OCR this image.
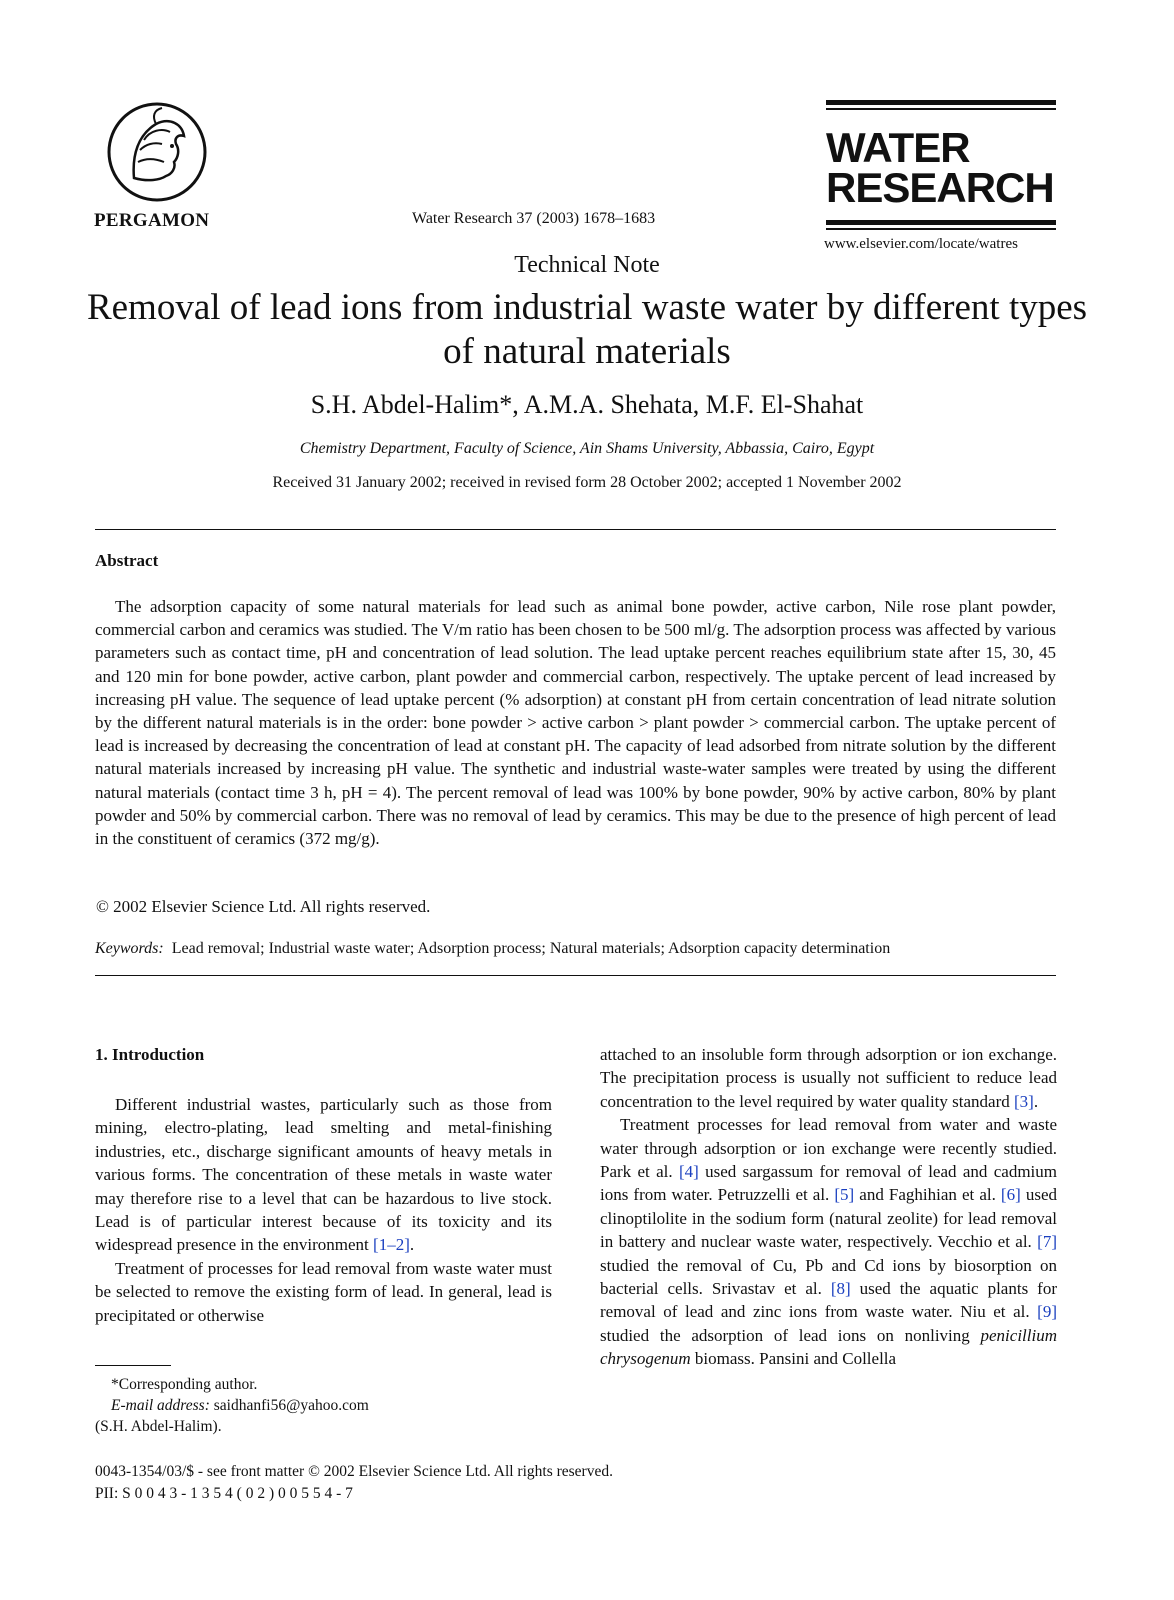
PERGAMON	Water Research 37 (2003) 1678–1683
WATER
RESEARCH
www.elsevier.com/locate/watres
Technical Note
Removal of lead ions from industrial waste water by different types of natural materials
S.H. Abdel-Halim*, A.M.A. Shehata, M.F. El-Shahat
Chemistry Department, Faculty of Science, Ain Shams University, Abbassia, Cairo, Egypt
Received 31 January 2002; received in revised form 28 October 2002; accepted 1 November 2002
Abstract

The adsorption capacity of some natural materials for lead such as animal bone powder, active carbon, Nile rose plant powder, commercial carbon and ceramics was studied. The V/m ratio has been chosen to be 500 ml/g. The adsorption process was affected by various parameters such as contact time, pH and concentration of lead solution. The lead uptake percent reaches equilibrium state after 15, 30, 45 and 120 min for bone powder, active carbon, plant powder and commercial carbon, respectively. The uptake percent of lead increased by increasing pH value. The sequence of lead uptake percent (% adsorption) at constant pH from certain concentration of lead nitrate solution by the different natural materials is in the order: bone powder > active carbon > plant powder > commercial carbon. The uptake percent of lead is increased by decreasing the concentration of lead at constant pH. The capacity of lead adsorbed from nitrate solution by the different natural materials increased by increasing pH value. The synthetic and industrial waste-water samples were treated by using the different natural materials (contact time 3 h, pH = 4). The percent removal of lead was 100% by bone powder, 90% by active carbon, 80% by plant powder and 50% by commercial carbon. There was no removal of lead by ceramics. This may be due to the presence of high percent of lead in the constituent of ceramics (372 mg/g).

© 2002 Elsevier Science Ltd. All rights reserved.
Keywords: Lead removal; Industrial waste water; Adsorption process; Natural materials; Adsorption capacity determination
1. Introduction

Different industrial wastes, particularly such as those from mining, electro-plating, lead smelting and metal-finishing industries, etc., discharge significant amounts of heavy metals in various forms. The concentration of these metals in waste water may therefore rise to a level that can be hazardous to live stock. Lead is of particular interest because of its toxicity and its widespread presence in the environment [1–2].

Treatment of processes for lead removal from waste water must be selected to remove the existing form of lead. In general, lead is precipitated or otherwise

attached to an insoluble form through adsorption or ion exchange. The precipitation process is usually not sufficient to reduce lead concentration to the level required by water quality standard [3].

Treatment processes for lead removal from water and waste water through adsorption or ion exchange were recently studied. Park et al. [4] used sargassum for removal of lead and cadmium ions from water. Petruzzelli et al. [5] and Faghihian et al. [6] used clinoptilolite in the sodium form (natural zeolite) for lead removal in battery and nuclear waste water, respectively. Vecchio et al. [7] studied the removal of Cu, Pb and Cd ions by biosorption on bacterial cells. Srivastav et al. [8] used the aquatic plants for removal of lead and zinc ions from waste water. Niu et al. [9] studied the adsorption of lead ions on nonliving penicillium chrysogenum biomass. Pansini and Collella

*Corresponding author.
E-mail address: saidhanfi56@yahoo.com
(S.H. Abdel-Halim).
0043-1354/03/$ - see front matter © 2002 Elsevier Science Ltd. All rights reserved.
PII: S 0 0 4 3 - 1 3 5 4 ( 0 2 ) 0 0 5 5 4 - 7
